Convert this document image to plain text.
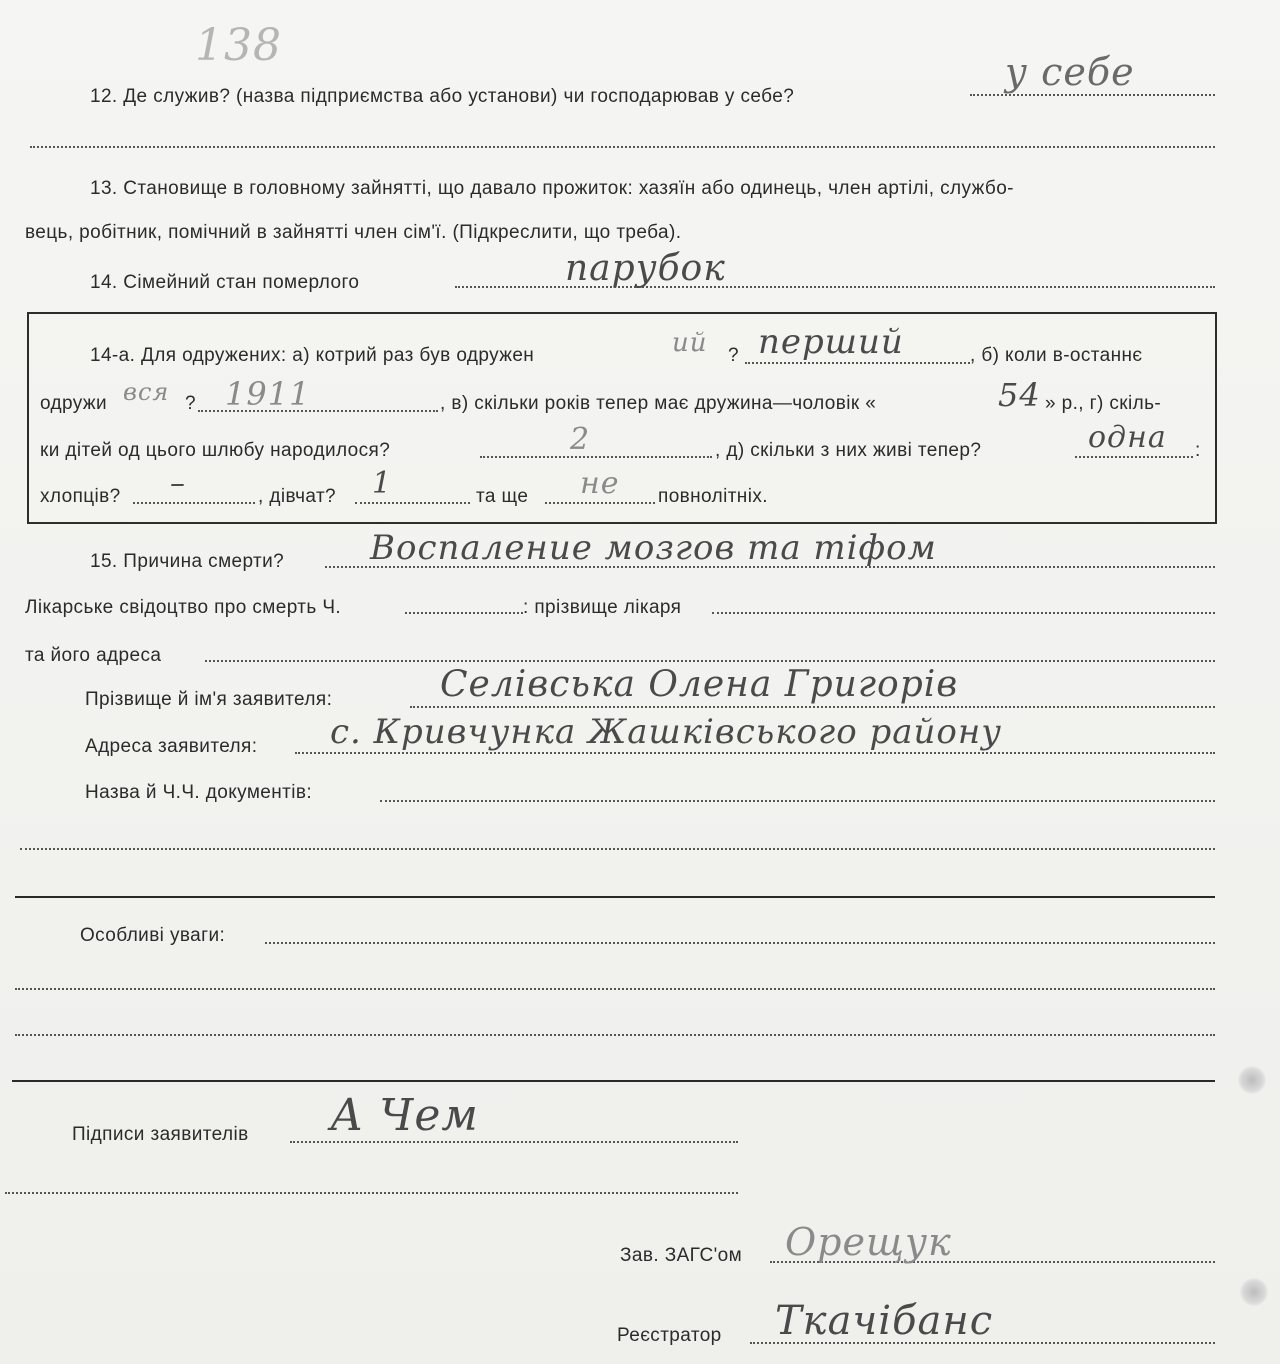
138
12. Де служив? (назва підприємства або установи) чи господарював у себе?
у себе
13. Становище в головному зайнятті, що давало прожиток: хазяїн або одинець, член артілі, службо-
вець, робітник, помічний в зайнятті член сім'ї. (Підкреслити, що треба).
14. Сімейний стан померлого	парубок
14-а. Для одружених: а) котрий раз був одружен	ий ? перший	, б) коли в-останнє
одружи вся ? 1911	, в) скільки років тепер має дружина—чоловік «	54 » р., г) скіль-
ки дітей од цього шлюбу народилося?	2	, д) скільки з них живі тепер?	одна :
хлопців? –	, дівчат? 1	та ще не повнолітніх.
15. Причина смерти?	Воспаление мозгов та тіфом
Лікарське свідоцтво про смерть Ч.	: прізвище лікаря
та його адреса
Прізвище й ім'я заявителя:	Селівська Олена Григорів
Адреса заявителя: с. Кривчунка Жашківського району
Назва й Ч.Ч. документів:
Особливі уваги:
Підписи заявителів А Чем
Зав. ЗАГС'ом Орещук
Реєстратор Ткачібанс
